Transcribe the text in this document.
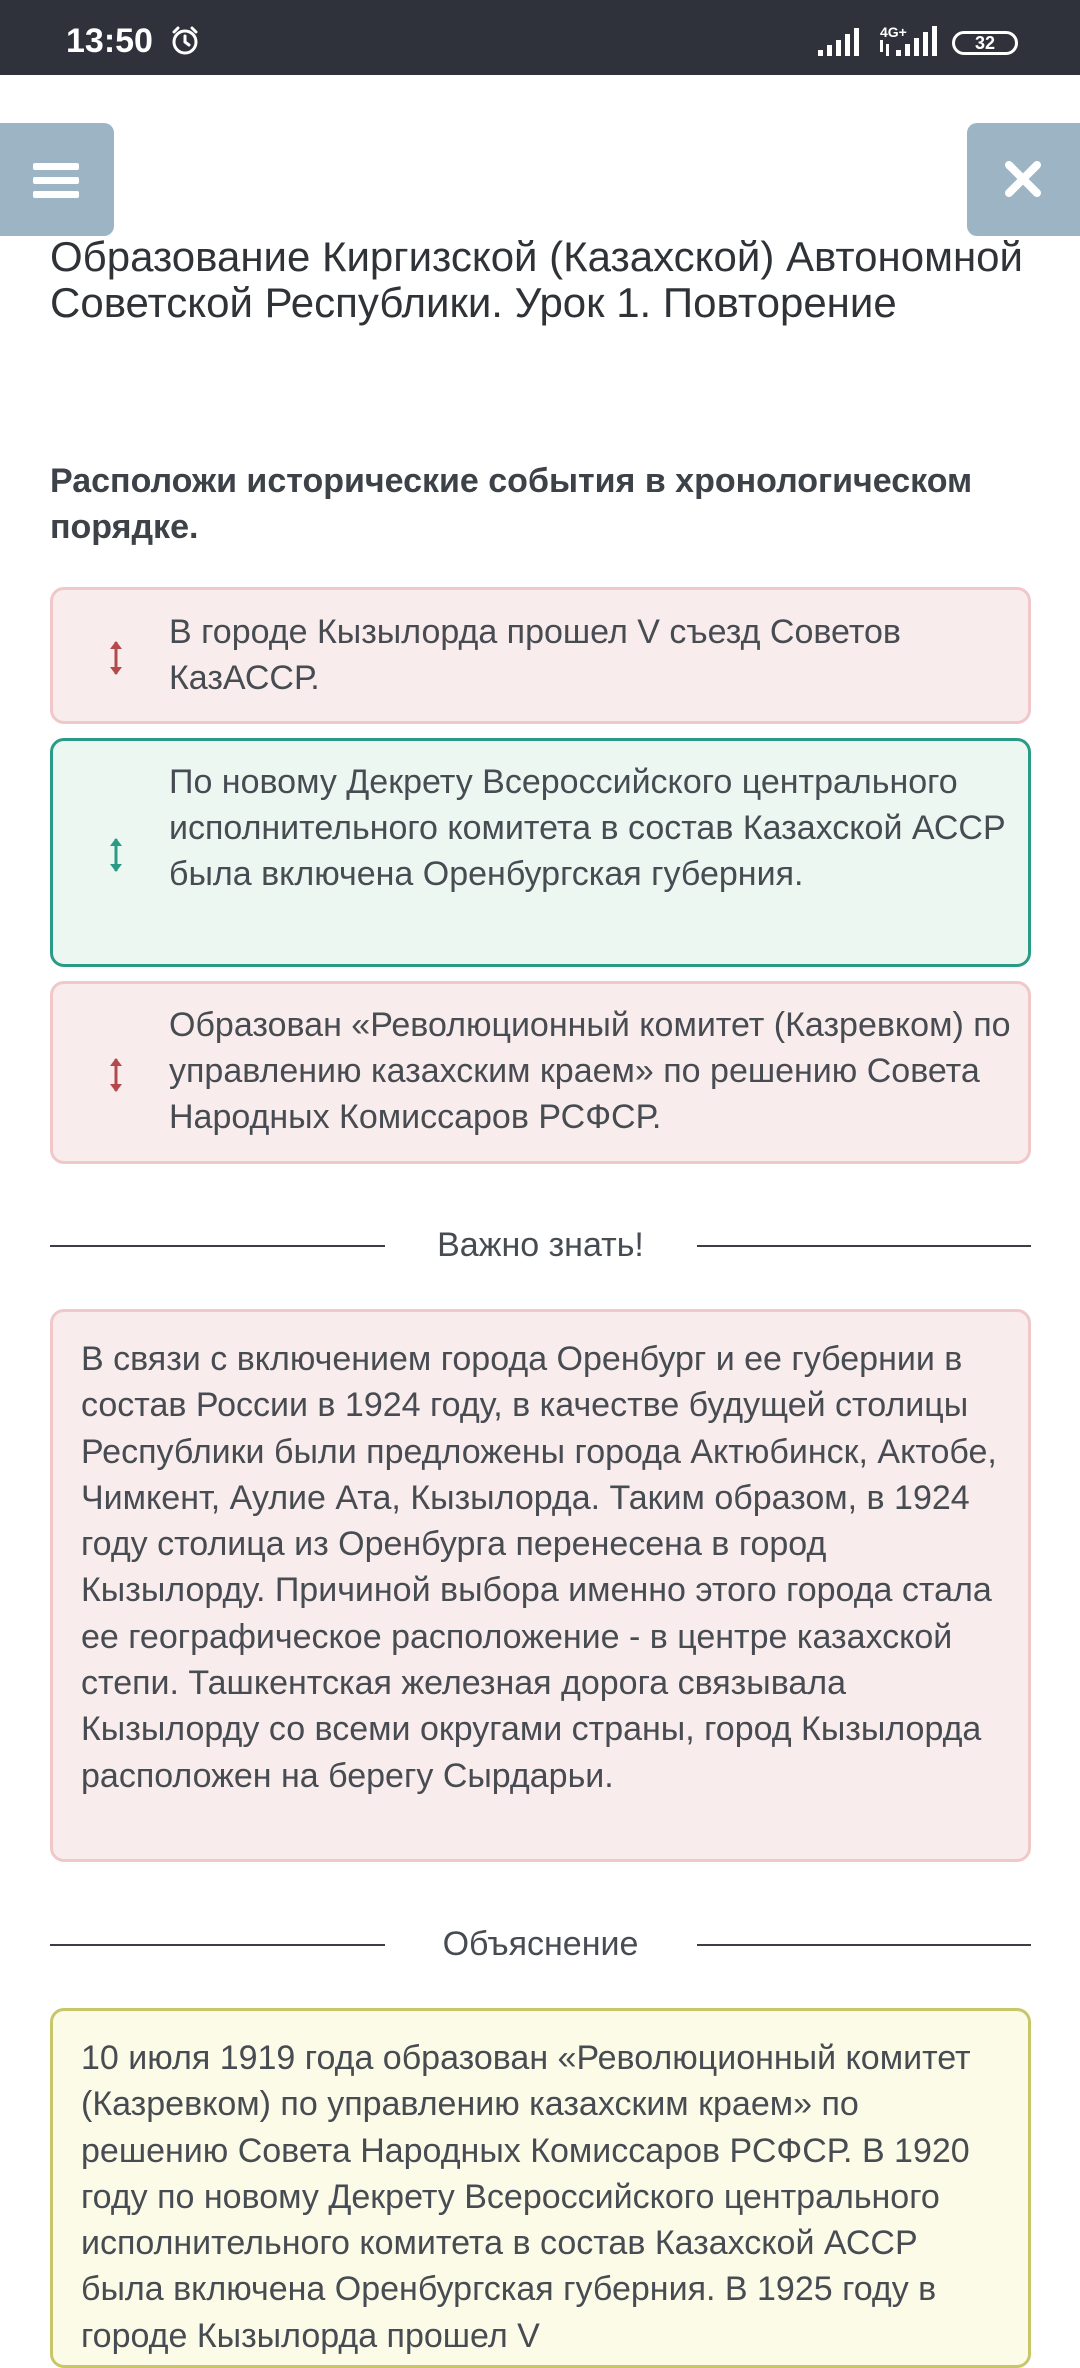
13:50	4G+
32
Образование Киргизской (Казахской) Автономной Советской Республики. Урок 1. Повторение

Расположи исторические события в хронологическом порядке.

В городе Кызылорда прошел V съезд Советов КазАССР.
По новому Декрету Всероссийского центрального исполнительного комитета в состав Казахской АССР была включена Оренбургская губерния.
Образован «Революционный комитет (Казревком) по управлению казахским краем» по решению Совета Народных Комиссаров РСФСР.
Важно знать!
В связи с включением города Оренбург и ее губернии в состав России в 1924 году, в качестве будущей столицы Республики были предложены города Актюбинск, Актобе, Чимкент, Аулие Ата, Кызылорда. Таким образом, в 1924 году столица из Оренбурга перенесена в город Кызылорду. Причиной выбора именно этого города стала ее географическое расположение - в центре казахской степи. Ташкентская железная дорога связывала Кызылорду со всеми округами страны, город Кызылорда расположен на берегу Сырдарьи.
Объяснение
10 июля 1919 года образован «Революционный комитет (Казревком) по управлению казахским краем» по решению Совета Народных Комиссаров РСФСР. В 1920 году по новому Декрету Всероссийского центрального исполнительного комитета в состав Казахской АССР была включена Оренбургская губерния. В 1925 году в городе Кызылорда прошел V
